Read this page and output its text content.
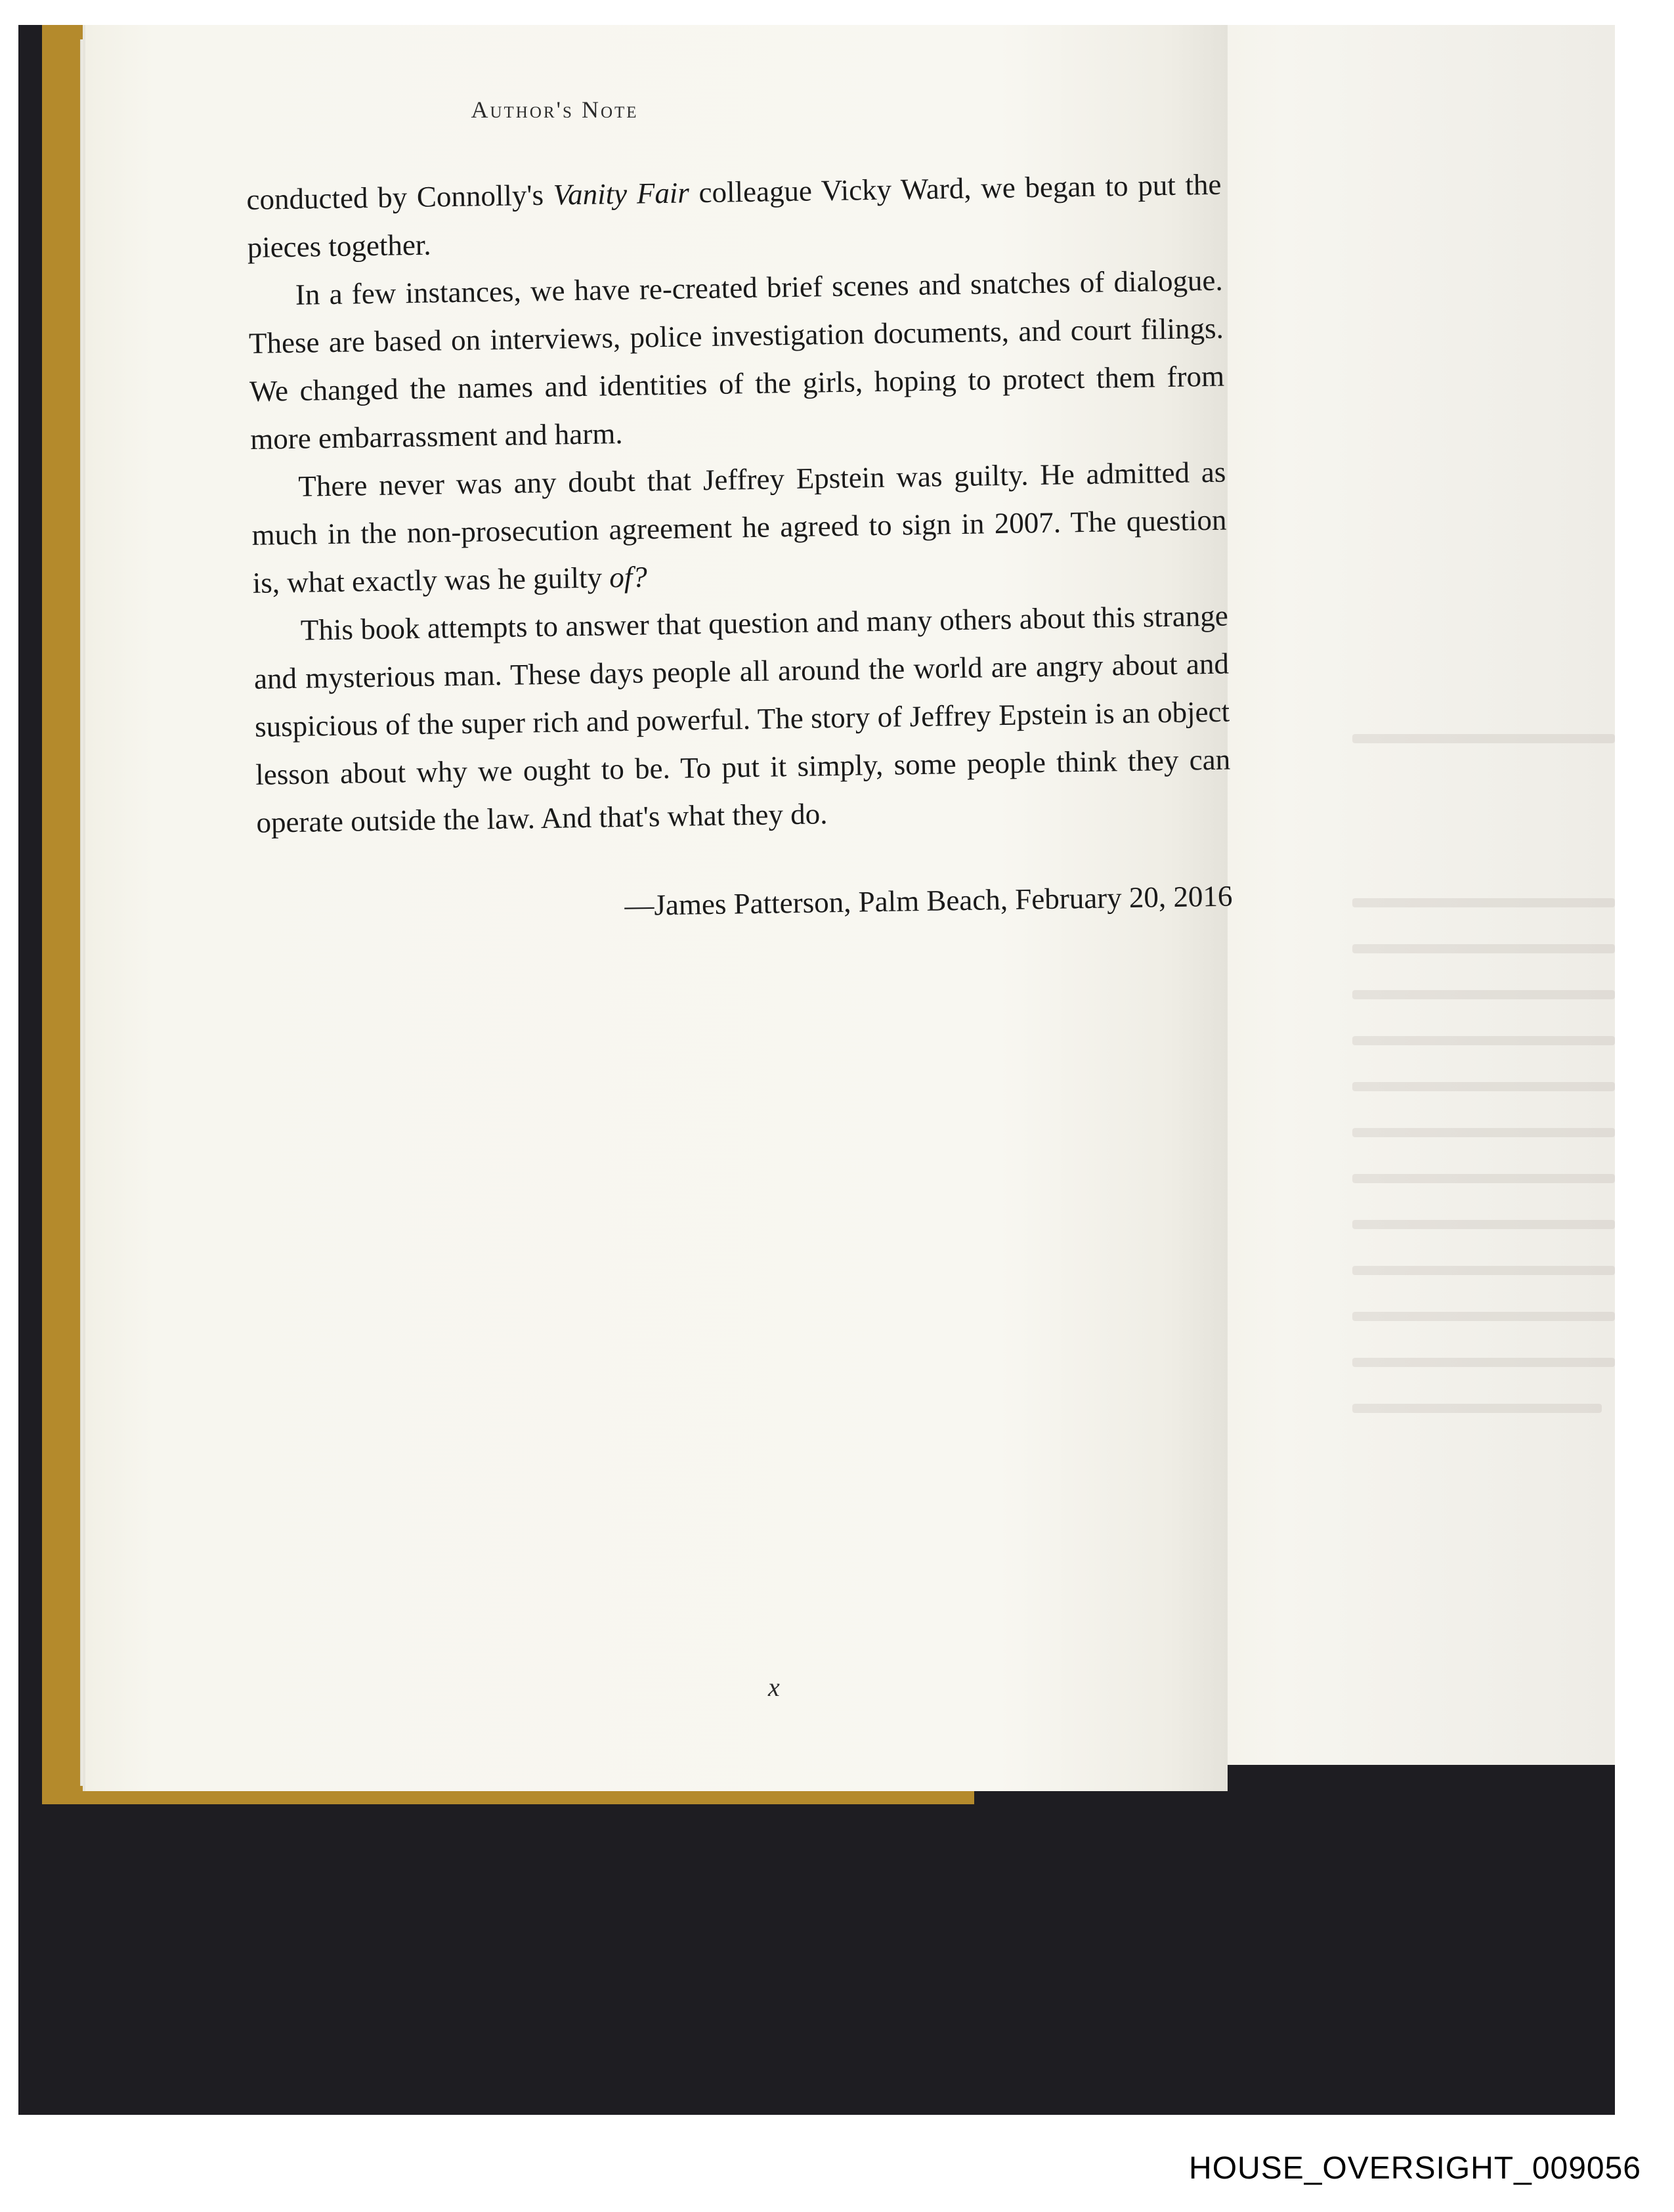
Author's Note

conducted by Connolly's Vanity Fair colleague Vicky Ward, we began to put the pieces together.

In a few instances, we have re-created brief scenes and snatches of dialogue. These are based on interviews, police investigation documents, and court filings. We changed the names and identities of the girls, hoping to protect them from more embarrassment and harm.

There never was any doubt that Jeffrey Epstein was guilty. He admitted as much in the non-prosecution agreement he agreed to sign in 2007. The question is, what exactly was he guilty of?

This book attempts to answer that question and many others about this strange and mysterious man. These days people all around the world are angry about and suspicious of the super rich and powerful. The story of Jeffrey Epstein is an object lesson about why we ought to be. To put it simply, some people think they can operate outside the law. And that's what they do.

—James Patterson, Palm Beach, February 20, 2016

x
HOUSE_OVERSIGHT_009056
